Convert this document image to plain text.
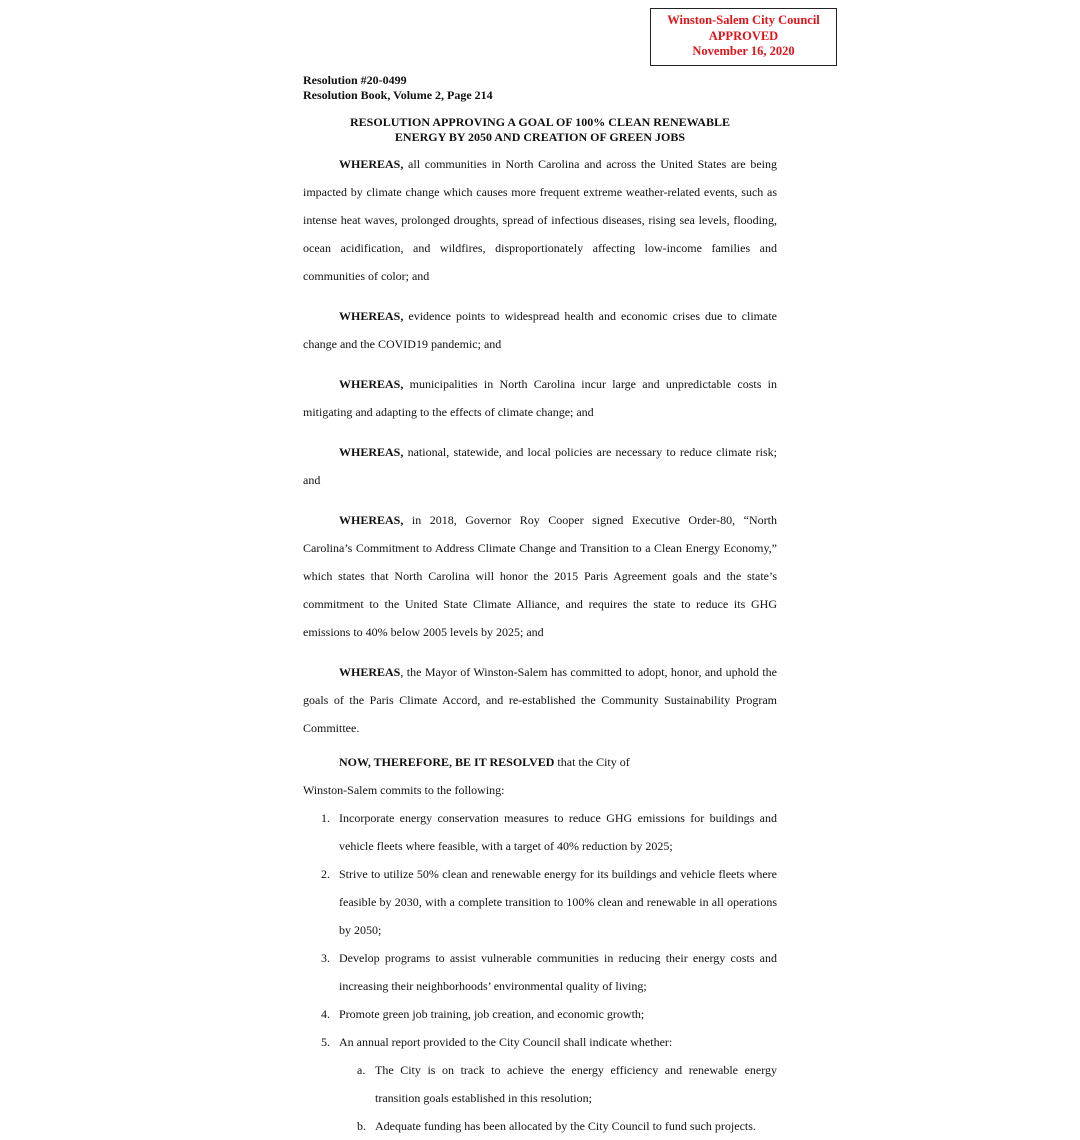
Winston-Salem City Council
APPROVED
November 16, 2020
Resolution #20-0499
Resolution Book, Volume 2, Page 214
RESOLUTION APPROVING A GOAL OF 100% CLEAN RENEWABLE
ENERGY BY 2050 AND CREATION OF GREEN JOBS

WHEREAS, all communities in North Carolina and across the United States are being impacted by climate change which causes more frequent extreme weather-related events, such as intense heat waves, prolonged droughts, spread of infectious diseases, rising sea levels, flooding, ocean acidification, and wildfires, disproportionately affecting low-income families and communities of color; and

WHEREAS, evidence points to widespread health and economic crises due to climate change and the COVID19 pandemic; and

WHEREAS, municipalities in North Carolina incur large and unpredictable costs in mitigating and adapting to the effects of climate change; and

WHEREAS, national, statewide, and local policies are necessary to reduce climate risk; and

WHEREAS, in 2018, Governor Roy Cooper signed Executive Order-80, “North Carolina’s Commitment to Address Climate Change and Transition to a Clean Energy Economy,” which states that North Carolina will honor the 2015 Paris Agreement goals and the state’s commitment to the United State Climate Alliance, and requires the state to reduce its GHG emissions to 40% below 2005 levels by 2025; and

WHEREAS, the Mayor of Winston-Salem has committed to adopt, honor, and uphold the goals of the Paris Climate Accord, and re-established the Community Sustainability Program Committee.

NOW, THEREFORE, BE IT RESOLVED that the City of
Winston-Salem commits to the following:
1. Incorporate energy conservation measures to reduce GHG emissions for buildings and vehicle fleets where feasible, with a target of 40% reduction by 2025;
2. Strive to utilize 50% clean and renewable energy for its buildings and vehicle fleets where feasible by 2030, with a complete transition to 100% clean and renewable in all operations by 2050;
3. Develop programs to assist vulnerable communities in reducing their energy costs and increasing their neighborhoods’ environmental quality of living;
4. Promote green job training, job creation, and economic growth;
5. An annual report provided to the City Council shall indicate whether:
a. The City is on track to achieve the energy efficiency and renewable energy transition goals established in this resolution;
b. Adequate funding has been allocated by the City Council to fund such projects.
